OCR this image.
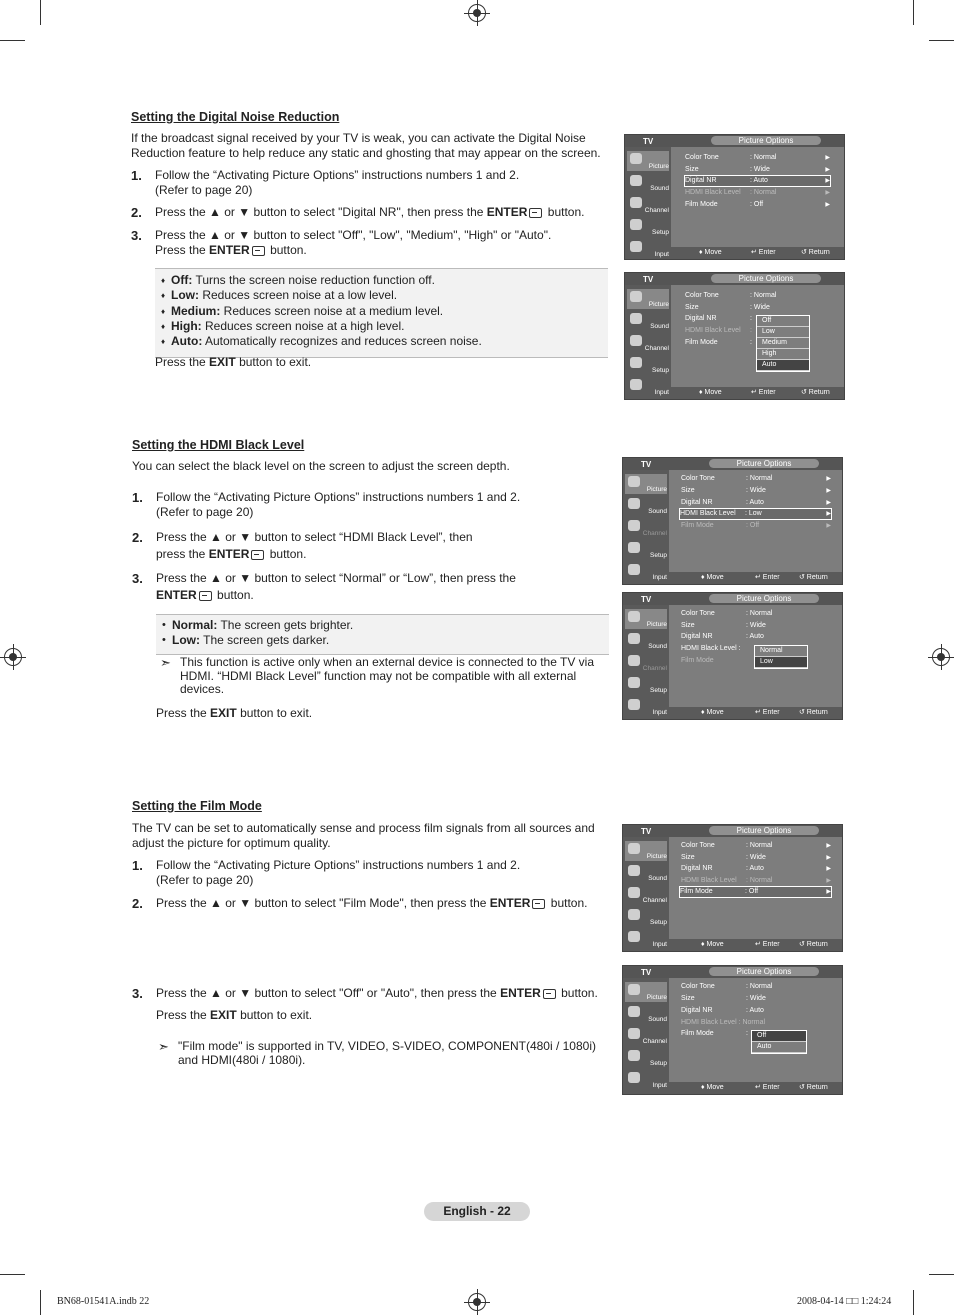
Setting the Digital Noise Reduction
If the broadcast signal received by your TV is weak, you can activate the Digital Noise Reduction feature to help reduce any static and ghosting that may appear on the screen.
1. Follow the “Activating Picture Options” instructions numbers 1 and 2. (Refer to page 20)
2. Press the ▲ or ▼ button to select "Digital NR", then press the ENTER button.
3. Press the ▲ or ▼ button to select "Off", "Low", "Medium", "High" or "Auto". Press the ENTER button.
♦ Off: Turns the screen noise reduction function off.
♦ Low: Reduces screen noise at a low level.
♦ Medium: Reduces screen noise at a medium level.
♦ High: Reduces screen noise at a high level.
♦ Auto: Automatically recognizes and reduces screen noise.
Press the EXIT button to exit.
TV	Picture Options
Picture
Sound
Channel
Setup
Input
Color Tone	: Normal	▶
Size	: Wide	▶
Digital NR	: Auto	▶
HDMI Black Level : Normal	▶
Film Mode	: Off	▶
♦ Move	↵ Enter	↺ Return
TV	Picture Options
Picture
Sound
Channel
Setup
Input
Color Tone	: Normal
Size	: Wide
Digital NR	:
HDMI Black Level :
Film Mode	:
Off
Low
Medium
High
Auto
♦ Move	↵ Enter	↺ Return
Setting the HDMI Black Level
You can select the black level on the screen to adjust the screen depth.
1. Follow the “Activating Picture Options” instructions numbers 1 and 2. (Refer to page 20)
2. Press the ▲ or ▼ button to select “HDMI Black Level”, then press the ENTER button.
3. Press the ▲ or ▼ button to select “Normal” or “Low”, then press the ENTER button.
• Normal: The screen gets brighter.
• Low: The screen gets darker.
➣ This function is active only when an external device is connected to the TV via HDMI. “HDMI Black Level” function may not be compatible with all external devices.
Press the EXIT button to exit.
TV	Picture Options
Picture
Sound
Channel
Setup
Input
Color Tone	: Normal	▶
Size	: Wide	▶
Digital NR	: Auto	▶
HDMI Black Level : Low	▶
Film Mode	: Off	▶
♦ Move	↵ Enter	↺ Return
TV	Picture Options
Picture
Sound
Channel
Setup
Input
Color Tone	: Normal
Size	: Wide
Digital NR	: Auto
HDMI Black Level :
Film Mode
Normal
Low
♦ Move	↵ Enter	↺ Return
Setting the Film Mode
The TV can be set to automatically sense and process film signals from all sources and adjust the picture for optimum quality.
1. Follow the “Activating Picture Options” instructions numbers 1 and 2. (Refer to page 20)
2. Press the ▲ or ▼ button to select "Film Mode", then press the ENTER button.
3. Press the ▲ or ▼ button to select "Off" or "Auto", then press the ENTER button.
Press the EXIT button to exit.
➣ "Film mode" is supported in TV, VIDEO, S-VIDEO, COMPONENT(480i / 1080i) and HDMI(480i / 1080i).
TV	Picture Options
Picture
Sound
Channel
Setup
Input
Color Tone	: Normal	▶
Size	: Wide	▶
Digital NR	: Auto	▶
HDMI Black Level : Normal	▶
Film Mode	: Off	▶
♦ Move	↵ Enter	↺ Return
TV	Picture Options
Picture
Sound
Channel
Setup
Input
Color Tone	: Normal
Size	: Wide
Digital NR	: Auto
HDMI Black Level : Normal
Film Mode	:	Off
Auto
♦ Move	↵ Enter	↺ Return
English - 22
BN68-01541A.indb 22	2008-04-14 □□ 1:24:24
